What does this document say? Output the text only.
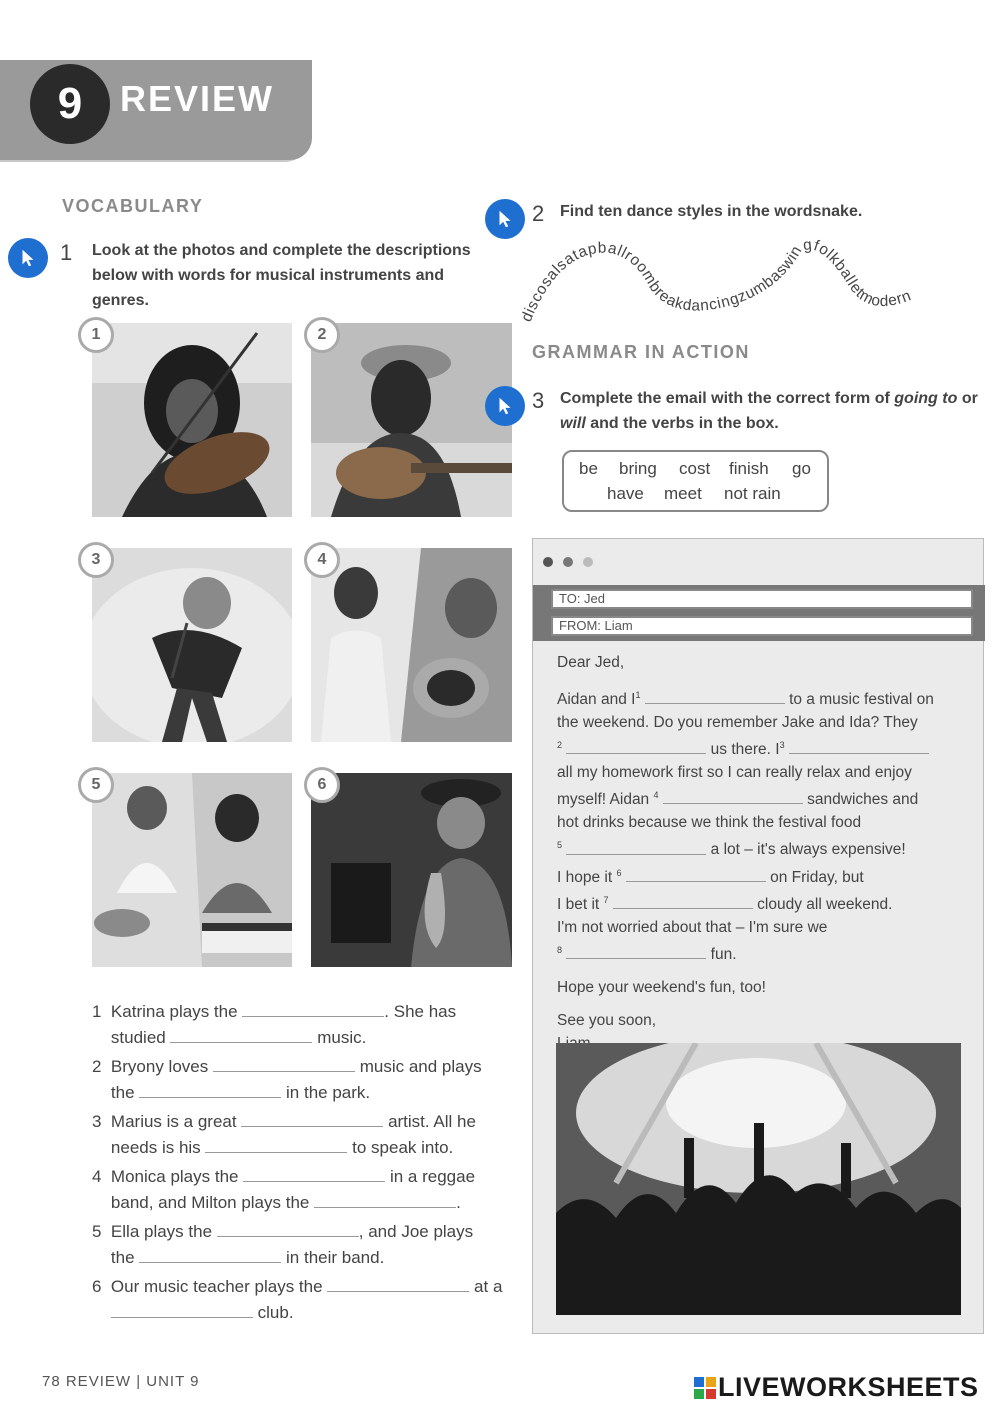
9	REVIEW
VOCABULARY
1 Look at the photos and complete the descriptions below with words for musical instruments and genres.
1	2
3	4
5	6
1 Katrina plays the	. She has
studied	music.
2 Bryony loves	music and plays
the	in the park.
3 Marius is a great	artist. All he
needs is his	to speak into.
4 Monica plays the	in a reggae
band, and Milton plays the	.
5 Ella plays the	, and Joe plays
the	in their band.
6 Our music teacher plays the	at a
club.
2 Find ten dance styles in the wordsnake.
iscosalsatapballroombreakdancingzumbaswingfolkballetmodern
GRAMMAR IN ACTION
3 Complete the email with the correct form of going to or will and the verbs in the box.
be bring cost finish go
have meet not rain
TO: Jed
FROM: Liam
Dear Jed,
Aidan and $I^1$	to a music festival on
the weekend. Do you remember Jake and Ida? They
$^2$	us there. $I^3$
all my homework first so I can really relax and enjoy
myself! Aidan $^4$	sandwiches and
hot drinks because we think the festival food
$^5$	a lot – it's always expensive!
I hope it $^6$	on Friday, but
I bet it $^7$	cloudy all weekend.
I'm not worried about that – I'm sure we
$^8$	fun.
Hope your weekend's fun, too!
See you soon,
78 REVIEW | UNIT 9	LIVEWORKSHEETS
